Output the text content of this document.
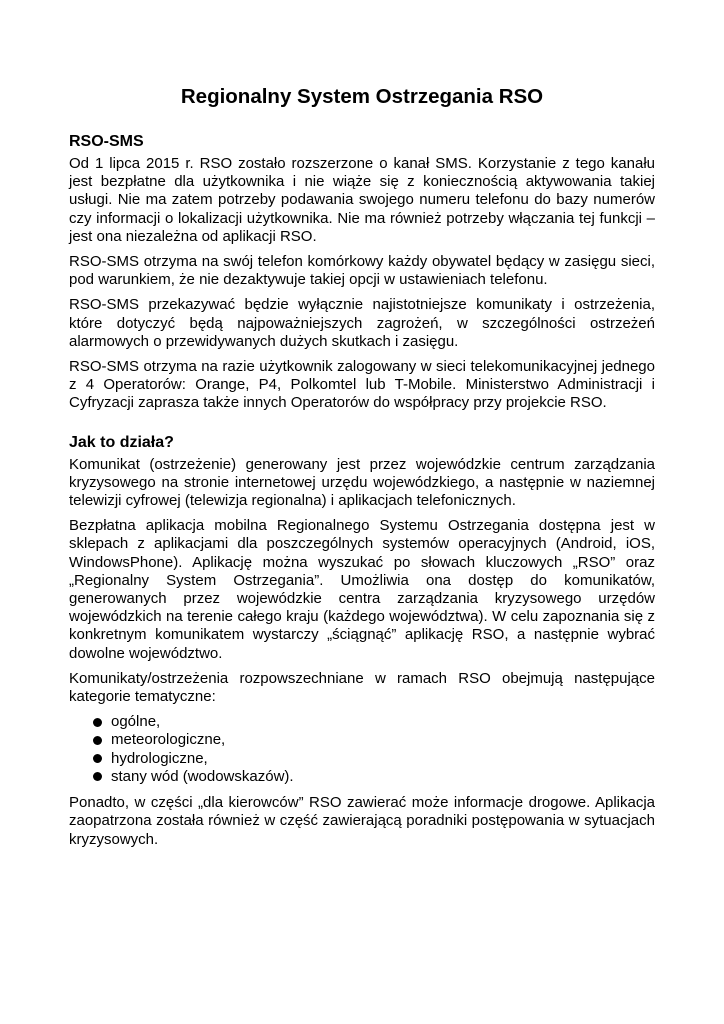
Regionalny System Ostrzegania RSO
RSO-SMS

Od 1 lipca 2015 r. RSO zostało rozszerzone o kanał SMS. Korzystanie z tego kanału jest bezpłatne dla użytkownika i nie wiąże się z koniecznością aktywowania takiej usługi. Nie ma zatem potrzeby podawania swojego numeru telefonu do bazy numerów czy informacji o lokalizacji użytkownika. Nie ma również potrzeby włączania tej funkcji – jest ona niezależna od aplikacji RSO.

RSO-SMS otrzyma na swój telefon komórkowy każdy obywatel będący w zasięgu sieci, pod warunkiem, że nie dezaktywuje takiej opcji w ustawieniach telefonu.

RSO-SMS przekazywać będzie wyłącznie najistotniejsze komunikaty i ostrzeżenia, które dotyczyć będą najpoważniejszych zagrożeń, w szczególności ostrzeżeń alarmowych o przewidywanych dużych skutkach i zasięgu.

RSO-SMS otrzyma na razie użytkownik zalogowany w sieci telekomunikacyjnej jednego z 4 Operatorów: Orange, P4, Polkomtel lub T-Mobile. Ministerstwo Administracji i Cyfryzacji zaprasza także innych Operatorów do współpracy przy projekcie RSO.

Jak to działa?

Komunikat (ostrzeżenie) generowany jest przez wojewódzkie centrum zarządzania kryzysowego na stronie internetowej urzędu wojewódzkiego, a następnie w naziemnej telewizji cyfrowej (telewizja regionalna) i aplikacjach telefonicznych.

Bezpłatna aplikacja mobilna Regionalnego Systemu Ostrzegania dostępna jest w sklepach z aplikacjami dla poszczególnych systemów operacyjnych (Android, iOS, WindowsPhone). Aplikację można wyszukać po słowach kluczowych „RSO” oraz „Regionalny System Ostrzegania”. Umożliwia ona dostęp do komunikatów, generowanych przez wojewódzkie centra zarządzania kryzysowego urzędów wojewódzkich na terenie całego kraju (każdego województwa). W celu zapoznania się z konkretnym komunikatem wystarczy „ściągnąć” aplikację RSO, a następnie wybrać dowolne województwo.

Komunikaty/ostrzeżenia rozpowszechniane w ramach RSO obejmują następujące kategorie tematyczne:

ogólne,
meteorologiczne,
hydrologiczne,
stany wód (wodowskazów).

Ponadto, w części „dla kierowców” RSO zawierać może informacje drogowe. Aplikacja zaopatrzona została również w część zawierającą poradniki postępowania w sytuacjach kryzysowych.
